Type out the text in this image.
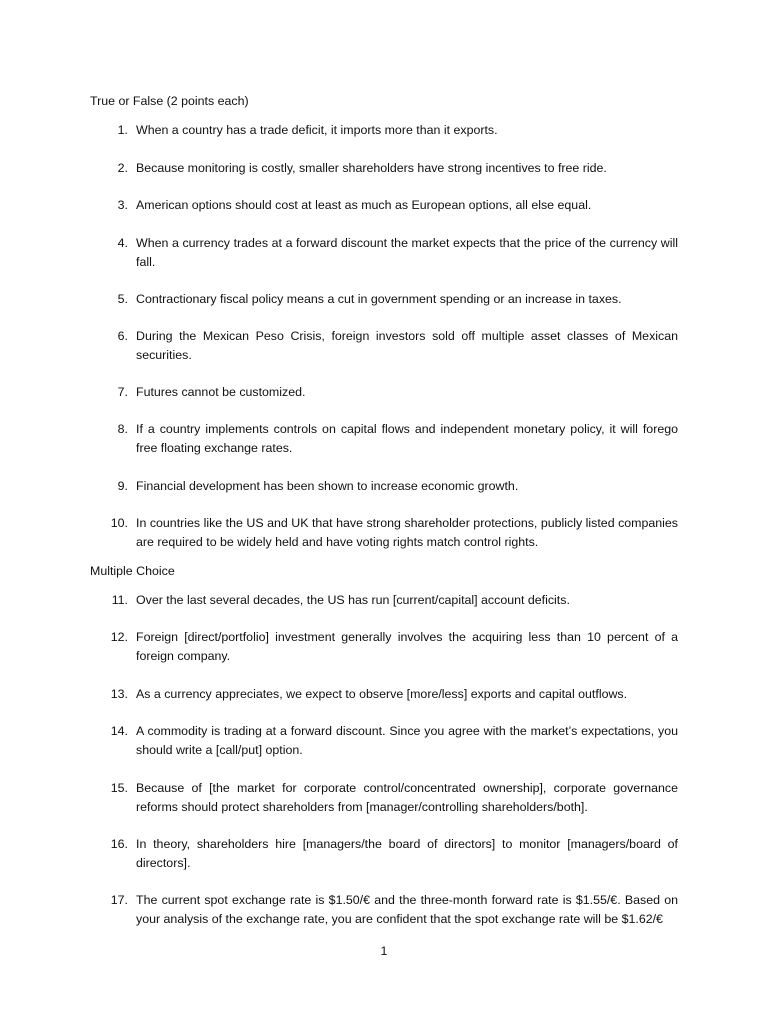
True or False (2 points each)
1. When a country has a trade deficit, it imports more than it exports.

2. Because monitoring is costly, smaller shareholders have strong incentives to free ride.

3. American options should cost at least as much as European options, all else equal.

4. When a currency trades at a forward discount the market expects that the price of the currency will fall.

5. Contractionary fiscal policy means a cut in government spending or an increase in taxes.

6. During the Mexican Peso Crisis, foreign investors sold off multiple asset classes of Mexican securities.

7. Futures cannot be customized.

8. If a country implements controls on capital flows and independent monetary policy, it will forego free floating exchange rates.

9. Financial development has been shown to increase economic growth.

10. In countries like the US and UK that have strong shareholder protections, publicly listed companies are required to be widely held and have voting rights match control rights.

Multiple Choice
11. Over the last several decades, the US has run [current/capital] account deficits.

12. Foreign [direct/portfolio] investment generally involves the acquiring less than 10 percent of a foreign company.

13. As a currency appreciates, we expect to observe [more/less] exports and capital outflows.

14. A commodity is trading at a forward discount. Since you agree with the market’s expectations, you should write a [call/put] option.

15. Because of [the market for corporate control/concentrated ownership], corporate governance reforms should protect shareholders from [manager/controlling shareholders/both].

16. In theory, shareholders hire [managers/the board of directors] to monitor [managers/board of directors].

17. The current spot exchange rate is $1.50/€ and the three-month forward rate is $1.55/€. Based on your analysis of the exchange rate, you are confident that the spot exchange rate will be $1.62/€

1
